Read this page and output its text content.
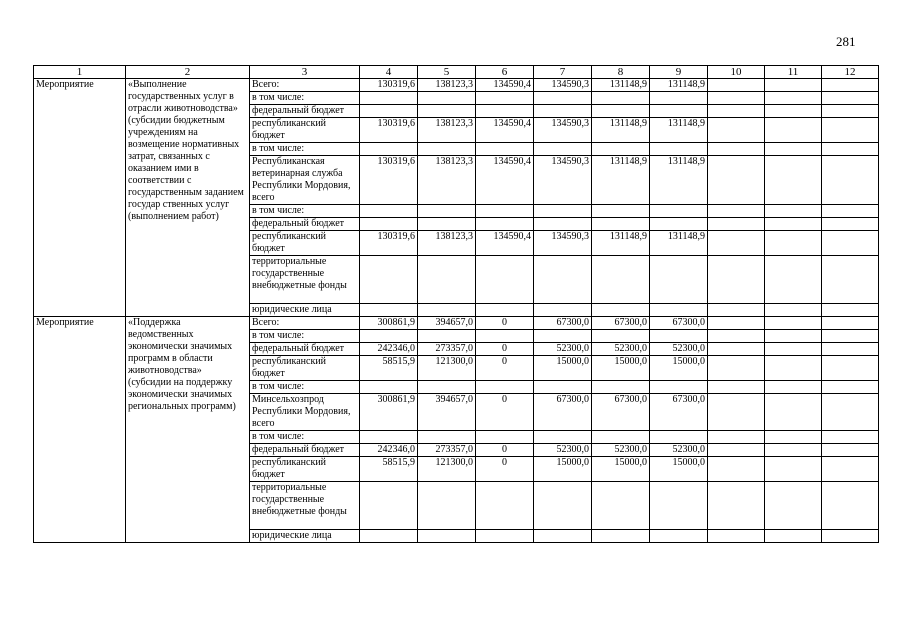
281
1	2	3	4	5	6	7	8	9	10	11	12
Мероприятие	«Выполнение государственных услуг в отрасли животноводства» (субсидии бюджетным учреждениям на возмещение нормативных затрат, связанных с оказанием ими в соответствии с государственным заданием государ ственных услуг (выполнением работ)	Всего:	130319,6	138123,3	134590,4	134590,3	131148,9	131148,9			
		в том числе:									
		федеральный бюджет									
		республиканский бюджет	130319,6	138123,3	134590,4	134590,3	131148,9	131148,9			
		в том числе:									
		Республиканская ветеринарная служба Республики Мордовия, всего	130319,6	138123,3	134590,4	134590,3	131148,9	131148,9			
		в том числе:									
		федеральный бюджет									
		республиканский бюджет	130319,6	138123,3	134590,4	134590,3	131148,9	131148,9			
		территориальные государственные внебюджетные фонды									
		юридические лица									
Мероприятие	«Поддержка ведомственных экономически значимых программ в области животноводства» (субсидии на поддержку экономически значимых региональных программ)	Всего:	300861,9	394657,0	0	67300,0	67300,0	67300,0			
		в том числе:									
		федеральный бюджет	242346,0	273357,0	0	52300,0	52300,0	52300,0			
		республиканский бюджет	58515,9	121300,0	0	15000,0	15000,0	15000,0			
		в том числе:									
		Минсельхозпрод Республики Мордовия, всего	300861,9	394657,0	0	67300,0	67300,0	67300,0			
		в том числе:									
		федеральный бюджет	242346,0	273357,0	0	52300,0	52300,0	52300,0			
		республиканский бюджет	58515,9	121300,0	0	15000,0	15000,0	15000,0			
		территориальные государственные внебюджетные фонды									
		юридические лица									
